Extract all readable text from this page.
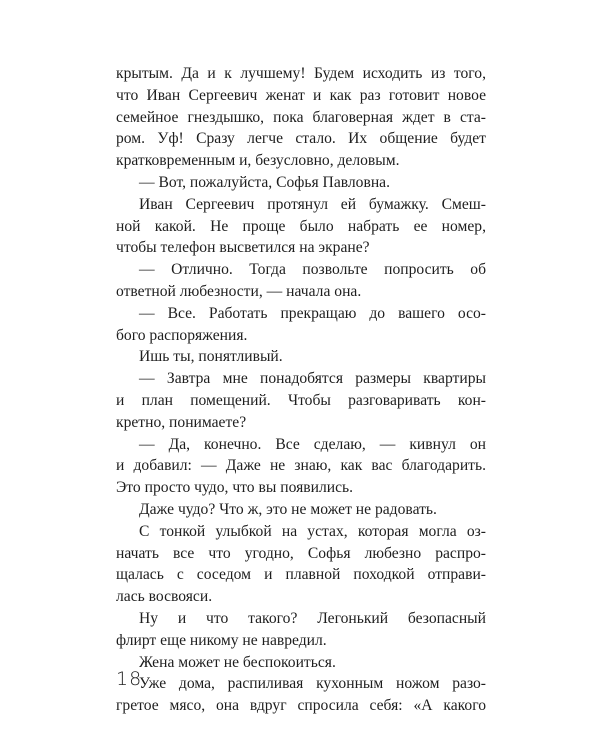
крытым. Да и к лучшему! Будем исходить из того,
что Иван Сергеевич женат и как раз готовит новое
семейное гнездышко, пока благоверная ждет в ста-
ром. Уф! Сразу легче стало. Их общение будет
кратковременным и, безусловно, деловым.
— Вот, пожалуйста, Софья Павловна.
Иван Сергеевич протянул ей бумажку. Смеш-
ной какой. Не проще было набрать ее номер,
чтобы телефон высветился на экране?
— Отлично. Тогда позвольте попросить об
ответной любезности, — начала она.
— Все. Работать прекращаю до вашего осо-
бого распоряжения.
Ишь ты, понятливый.
— Завтра мне понадобятся размеры квартиры
и план помещений. Чтобы разговаривать кон-
кретно, понимаете?
— Да, конечно. Все сделаю, — кивнул он
и добавил: — Даже не знаю, как вас благодарить.
Это просто чудо, что вы появились.
Даже чудо? Что ж, это не может не радовать.
С тонкой улыбкой на устах, которая могла оз-
начать все что угодно, Софья любезно распро-
щалась с соседом и плавной походкой отправи-
лась восвояси.
Ну и что такого? Легонький безопасный
флирт еще никому не навредил.
Жена может не беспокоиться.
Уже дома, распиливая кухонным ножом разо-
гретое мясо, она вдруг спросила себя: «А какого
18
